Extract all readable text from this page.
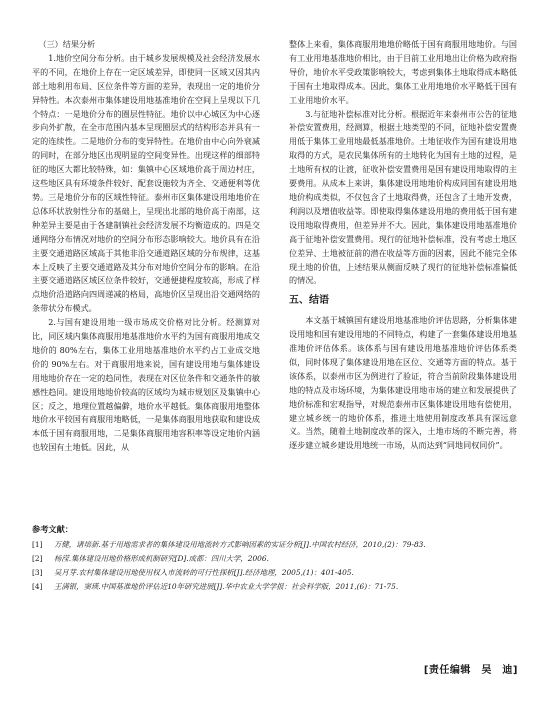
（三）结果分析

1.地价空间分布分析。由于城乡发展规模及社会经济发展水平的不同，在地价上存在一定区域差异，即使同一区域又因其内部土地利用布局、区位条件等方面的差异，表现出一定的地价分异特性。本次泰州市集体建设用地基准地价在空间上呈现以下几个特点：一是地价分布的圈层性特征。地价以中心城区为中心逐步向外扩散，在全市范围内基本呈现圈层式的结构形态并具有一定的连续性。二是地价分布的变异特性。在地价由中心向外衰减的同时，在部分地区出现明显的空间变异性。出现这样的细部特征的地区大都比较特殊，如：集镇中心区域地价高于周边村庄，这些地区具有环境条件较好、配套设施较为齐全、交通便利等优势。三是地价分布的区域性特征。泰州市区集体建设用地地价在总体环状放射性分布的基础上，呈现出北部的地价高于南部，这种差异主要是由于各建制镇社会经济发展不均衡造成的。四是交通网络分布情况对地价的空间分布形态影响较大。地价具有在沿主要交通道路区域高于其他非沿交通道路区域的分布规律，这基本上反映了主要交通道路及其分布对地价空间分布的影响。在沿主要交通道路区域区位条件较好，交通便捷程度较高，形成了样点地价沿道路向四周递减的格局，高地价区呈现出沿交通网络的条带状分布模式。

2.与国有建设用地一级市场成交价格对比分析。经测算对比，同区域内集体商服用地基准地价水平约为国有商服用地成交地价的 80%左右，集体工业用地基准地价水平约占工业成交地价的 90%左右。对于商服用地来说，国有建设用地与集体建设用地地价存在一定的趋同性，表现在对区位条件和交通条件的敏感性趋同。建设用地地价较高的区域均为城市规划区及集镇中心区；反之，地理位置越偏僻，地价水平越低。集体商服用地整体地价水平较国有商服用地略低，一是集体商服用地获取和建设成本低于国有商服用地，二是集体商服用地容积率等设定地价内涵也较国有土地低。因此，从

整体上来看，集体商服用地地价略低于国有商服用地地价。与国有工业用地基准地价相比，由于目前工业用地出让价格为政府指导价，地价水平受政策影响较大，考虑到集体土地取得成本略低于国有土地取得成本。因此，集体工业用地地价水平略低于国有工业用地价水平。

3.与征地补偿标准对比分析。根据近年来泰州市公告的征地补偿安置费用，经测算，根据土地类型的不同，征地补偿安置费用低于集体工业用地最低基准地价。土地征收作为国有建设用地取得的方式，是农民集体所有的土地转化为国有土地的过程，是土地所有权的让渡，征收补偿安置费用是国有建设用地取得的主要费用。从成本上来讲，集体建设用地地价构成同国有建设用地地价构成类似，不仅包含了土地取得费，还包含了土地开发费，利润以及增值收益等。即使取得集体建设用地的费用低于国有建设用地取得费用，但差异并不大。因此，集体建设用地基准地价高于征地补偿安置费用。现行的征地补偿标准，没有考虑土地区位差异、土地被征前的潜在收益等方面的因素，因此不能完全体现土地的价值，上述结果从侧面反映了现行的征地补偿标准偏低的情况。

五、结语

本文基于城镇国有建设用地基准地价评估思路，分析集体建设用地和国有建设用地的不同特点，构建了一套集体建设用地基准地价评估体系。该体系与国有建设用地基准地价评估体系类似，同时体现了集体建设用地在区位、交通等方面的特点。基于该体系，以泰州市区为例进行了验证，符合当前阶段集体建设用地的特点及市场环境，为集体建设用地市场的建立和发展提供了地价标准和宏观指导，对规范泰州市区集体建设用地有偿使用，建立城乡统一的地价体系，推进土地使用制度改革具有深远意义。当然，随着土地制度改革的深入，土地市场的不断完善，将逐步建立城乡建设用地统一市场，从而达到“同地同权同价”。

参考文献：
[1]	万健，诸培新.基于用地需求者的集体建设用地流转方式影响因素的实证分析[J].中国农村经济，2010,(2)：79-83.
[2]	杨滢.集体建设用地价格形成机制研究[D].成都：四川大学，2006.
[3]	吴月芽.农村集体建设用地使用权入市流转的可行性探析[J].经济地理，2005,(1)：401-405.
[4]	王满银，窦瑛.中国基准地价评估近10年研究进展[J].华中农业大学学报：社会科学版，2011,(6)：71-75.
[责任编辑　吴　迪]
